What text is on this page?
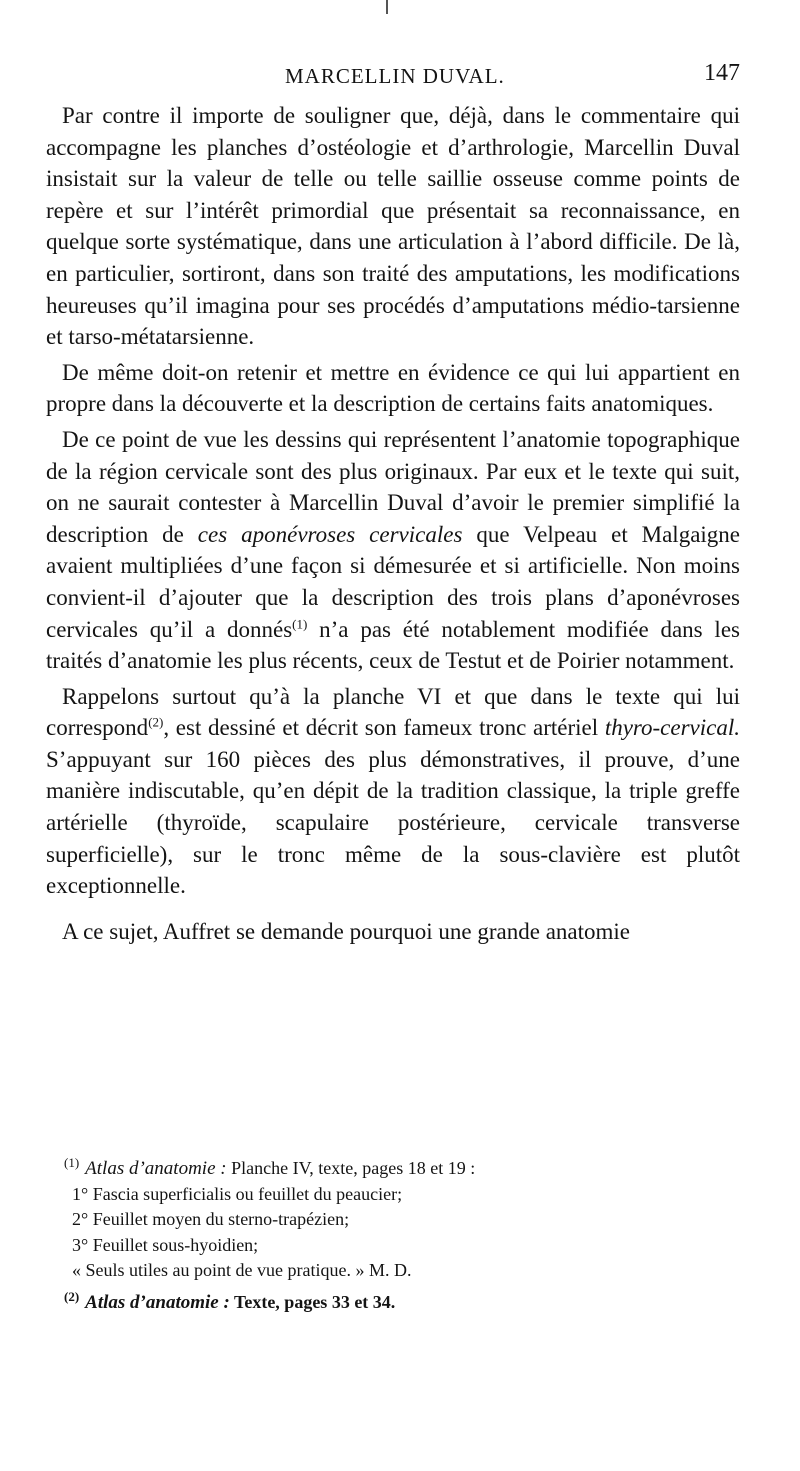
MARCELLIN DUVAL.	147

Par contre il importe de souligner que, déjà, dans le commentaire qui accompagne les planches d’ostéologie et d’arthrologie, Marcellin Duval insistait sur la valeur de telle ou telle saillie osseuse comme points de repère et sur l’intérêt primordial que présentait sa reconnaissance, en quelque sorte systématique, dans une articulation à l’abord difficile. De là, en particulier, sortiront, dans son traité des amputations, les modifications heureuses qu’il imagina pour ses procédés d’amputations médio-tarsienne et tarso-métatarsienne.

De même doit-on retenir et mettre en évidence ce qui lui appartient en propre dans la découverte et la description de certains faits anatomiques.

De ce point de vue les dessins qui représentent l’anatomie topographique de la région cervicale sont des plus originaux. Par eux et le texte qui suit, on ne saurait contester à Marcellin Duval d’avoir le premier simplifié la description de ces aponévroses cervicales que Velpeau et Malgaigne avaient multipliées d’une façon si démesurée et si artificielle. Non moins convient-il d’ajouter que la description des trois plans d’aponévroses cervicales qu’il a donnés$^{(1)}$ n’a pas été notablement modifiée dans les traités d’anatomie les plus récents, ceux de Testut et de Poirier notamment.

Rappelons surtout qu’à la planche VI et que dans le texte qui lui correspond$^{(2)}$, est dessiné et décrit son fameux tronc artériel thyro-cervical. S’appuyant sur 160 pièces des plus démonstratives, il prouve, d’une manière indiscutable, qu’en dépit de la tradition classique, la triple greffe artérielle (thyroïde, scapulaire postérieure, cervicale transverse superficielle), sur le tronc même de la sous-clavière est plutôt exceptionnelle.

A ce sujet, Auffret se demande pourquoi une grande anatomie

$^{(1)}$ Atlas d’anatomie : Planche IV, texte, pages 18 et 19 :

1° Fascia superficialis ou feuillet du peaucier;

2° Feuillet moyen du sterno-trapézien;

3° Feuillet sous-hyoidien;

« Seuls utiles au point de vue pratique. » M. D.

$^{(2)}$ Atlas d’anatomie : Texte, pages 33 et 34.
